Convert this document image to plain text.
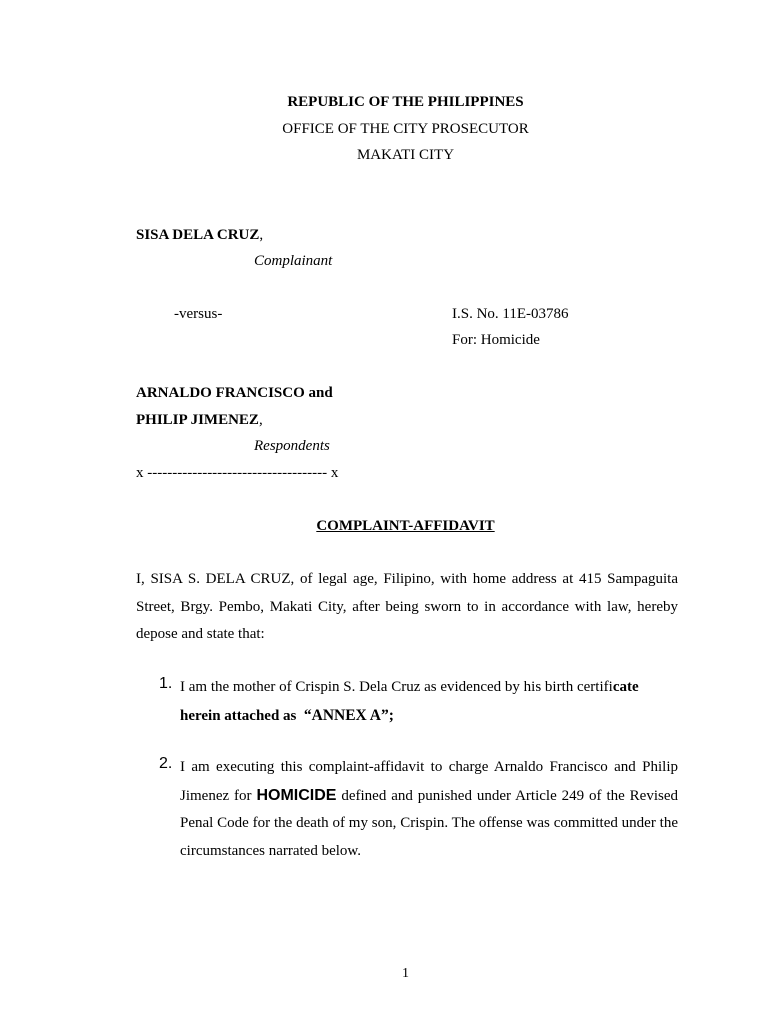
REPUBLIC OF THE PHILIPPINES
OFFICE OF THE CITY PROSECUTOR
MAKATI CITY
SISA DELA CRUZ,
Complainant
-versus-	I.S. No. 11E-03786
For: Homicide
ARNALDO FRANCISCO and
PHILIP JIMENEZ,
Respondents
x ------------------------------------ x
COMPLAINT-AFFIDAVIT
I, SISA S. DELA CRUZ, of legal age, Filipino, with home address at 415 Sampaguita Street, Brgy. Pembo, Makati City, after being sworn to in accordance with law, hereby depose and state that:
1. I am the mother of Crispin S. Dela Cruz as evidenced by his birth certificate herein attached as “ANNEX A”;
2. I am executing this complaint-affidavit to charge Arnaldo Francisco and Philip Jimenez for HOMICIDE defined and punished under Article 249 of the Revised Penal Code for the death of my son, Crispin. The offense was committed under the circumstances narrated below.
1
